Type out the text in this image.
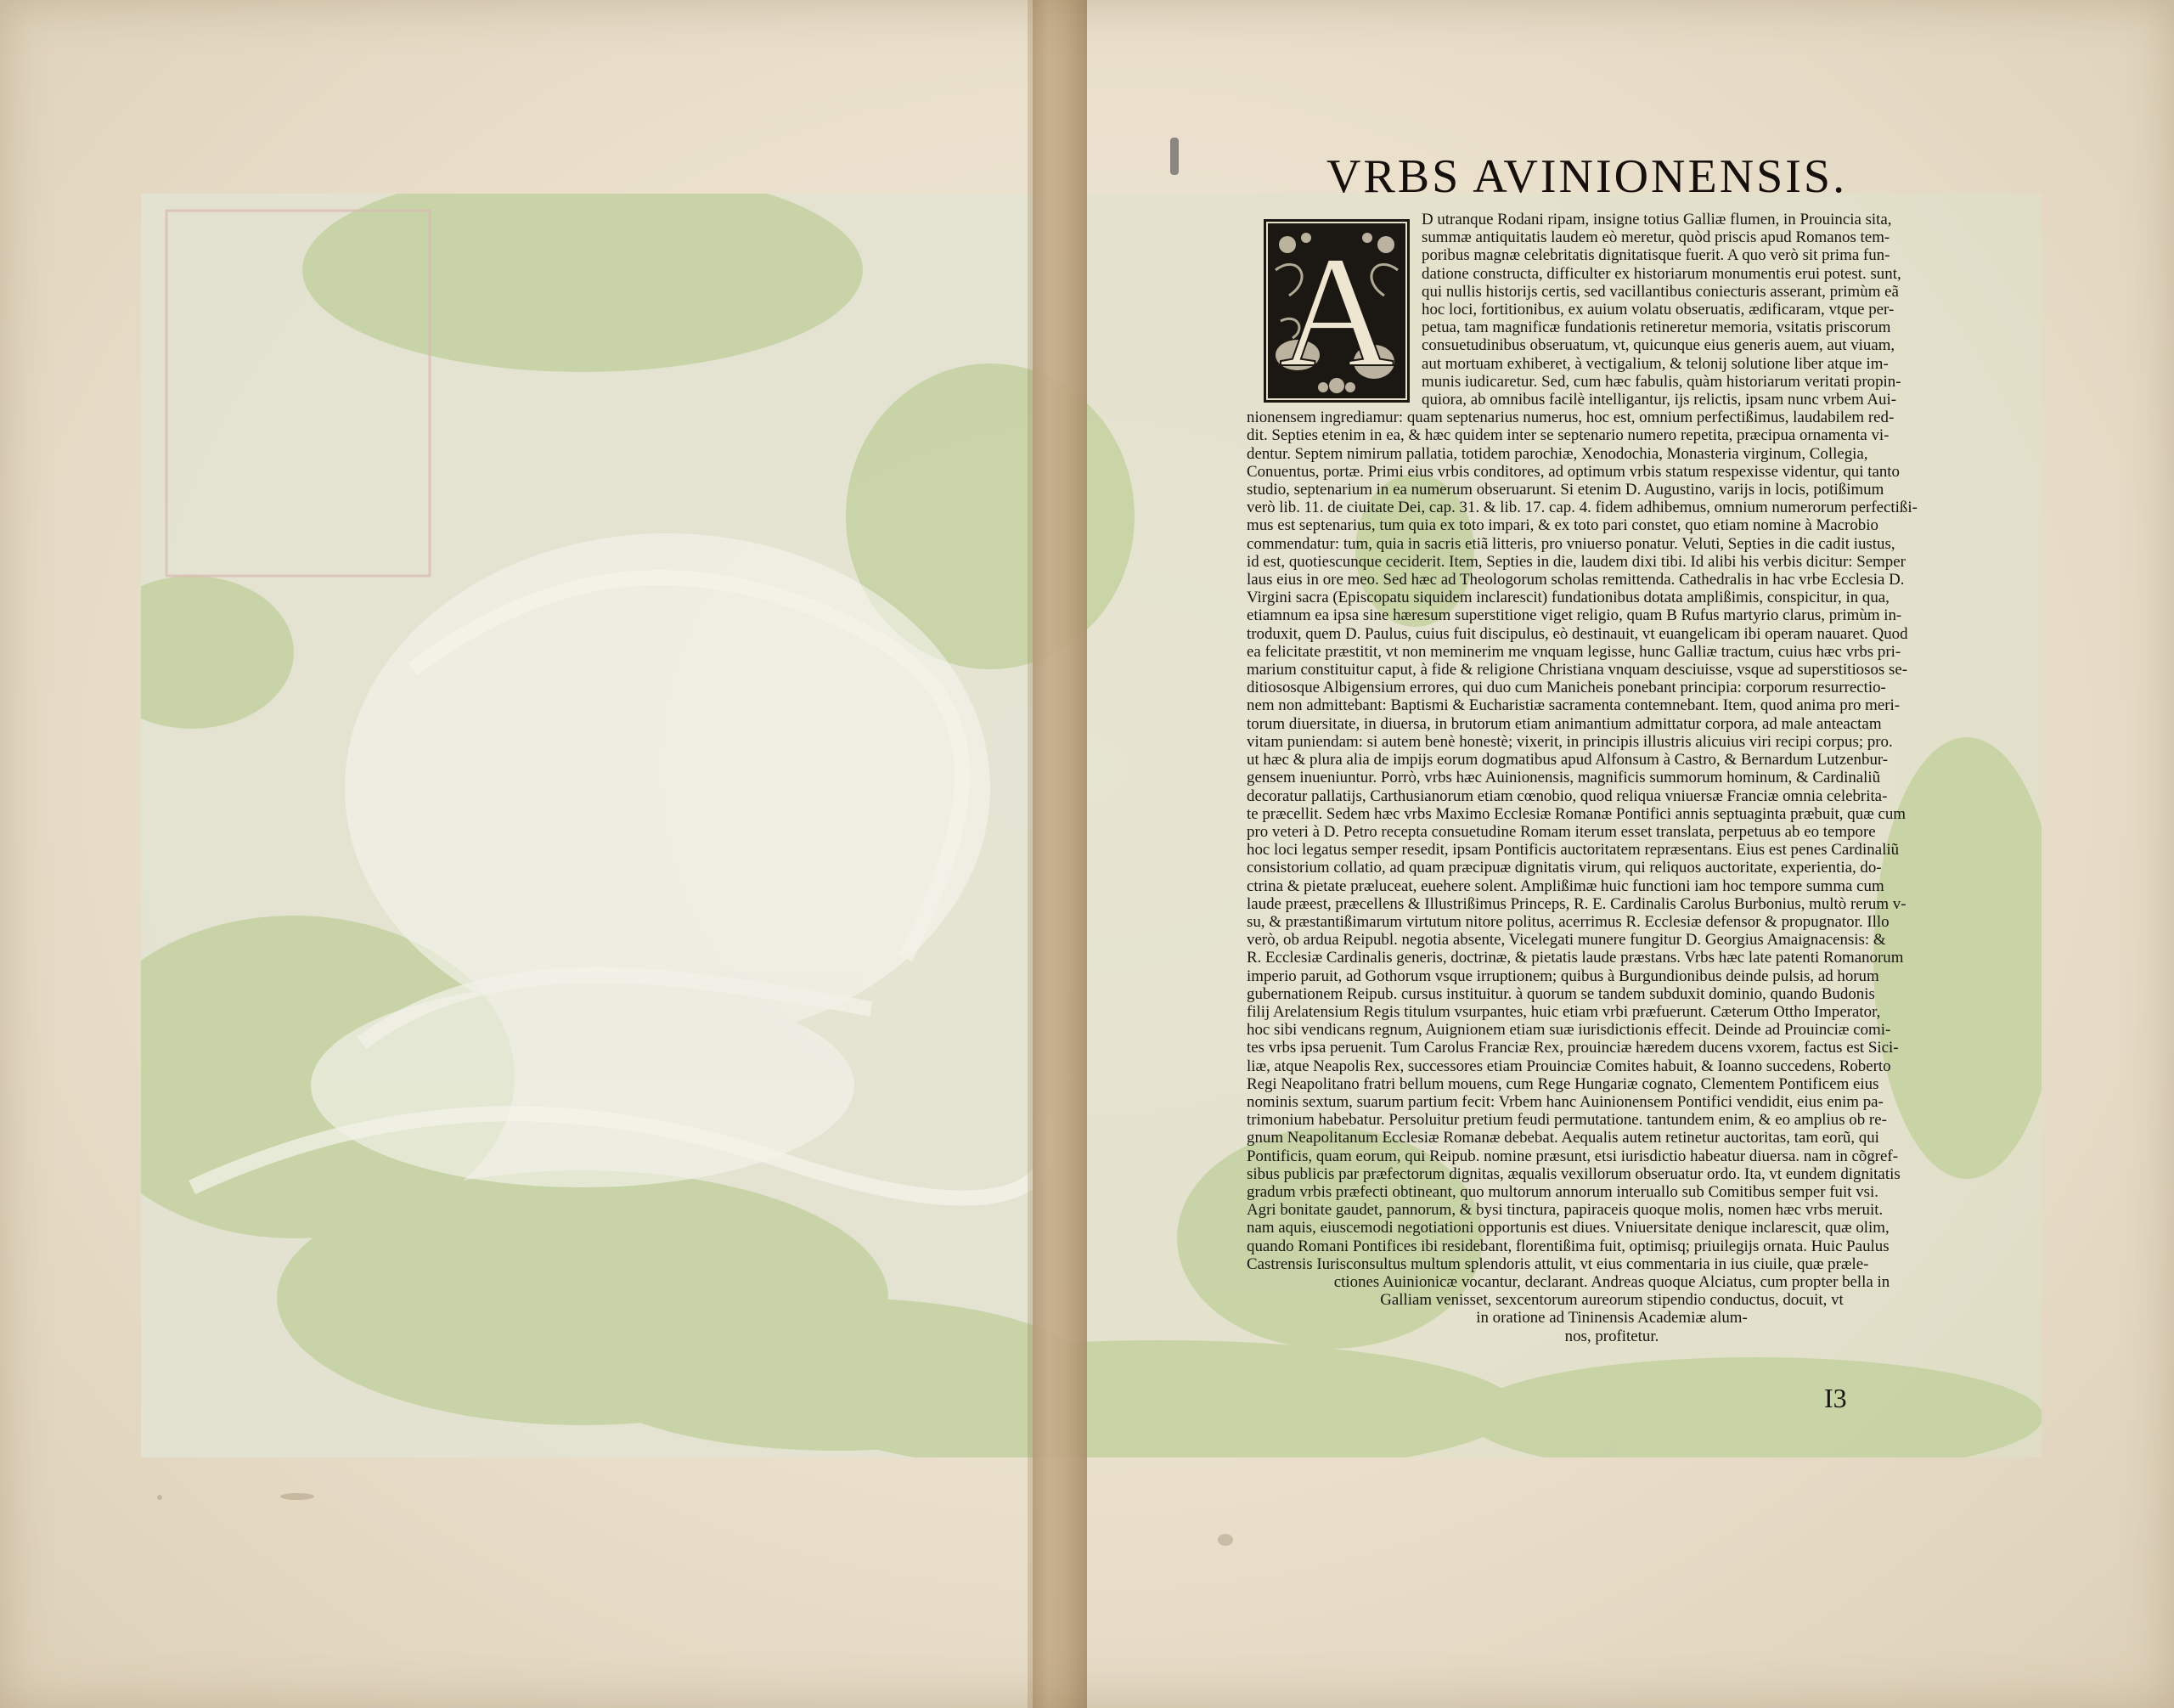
VRBS AVINIONENSIS.
A
D utranque Rodani ripam, insigne totius Galliæ flumen, in Prouincia sita,
summæ antiquitatis laudem eò meretur, quòd priscis apud Romanos tem-
poribus magnæ celebritatis dignitatisque fuerit. A quo verò sit prima fun-
datione constructa, difficulter ex historiarum monumentis erui potest. sunt,
qui nullis historijs certis, sed vacillantibus coniecturis asserant, primùm eã
hoc loci, fortitionibus, ex auium volatu obseruatis, ædificaram, vtque per-
petua, tam magnificæ fundationis retineretur memoria, vsitatis priscorum
consuetudinibus obseruatum, vt, quicunque eius generis auem, aut viuam,
aut mortuam exhiberet, à vectigalium, & telonij solutione liber atque im-
munis iudicaretur. Sed, cum hæc fabulis, quàm historiarum veritati propin-
quiora, ab omnibus facilè intelligantur, ijs relictis, ipsam nunc vrbem Aui-
nionensem ingrediamur: quam septenarius numerus, hoc est, omnium perfectißimus, laudabilem red-
dit. Septies etenim in ea, & hæc quidem inter se septenario numero repetita, præcipua ornamenta vi-
dentur. Septem nimirum pallatia, totidem parochiæ, Xenodochia, Monasteria virginum, Collegia,
Conuentus, portæ. Primi eius vrbis conditores, ad optimum vrbis statum respexisse videntur, qui tanto
studio, septenarium in ea numerum obseruarunt. Si etenim D. Augustino, varijs in locis, potißimum
verò lib. 11. de ciuitate Dei, cap. 31. & lib. 17. cap. 4. fidem adhibemus, omnium numerorum perfectißi-
mus est septenarius, tum quia ex toto impari, & ex toto pari constet, quo etiam nomine à Macrobio
commendatur: tum, quia in sacris etiã litteris, pro vniuerso ponatur. Veluti, Septies in die cadit iustus,
id est, quotiescunque ceciderit. Item, Septies in die, laudem dixi tibi. Id alibi his verbis dicitur: Semper
laus eius in ore meo. Sed hæc ad Theologorum scholas remittenda. Cathedralis in hac vrbe Ecclesia D.
Virgini sacra (Episcopatu siquidem inclarescit) fundationibus dotata amplißimis, conspicitur, in qua,
etiamnum ea ipsa sine hæresum superstitione viget religio, quam B Rufus martyrio clarus, primùm in-
troduxit, quem D. Paulus, cuius fuit discipulus, eò destinauit, vt euangelicam ibi operam nauaret. Quod
ea felicitate præstitit, vt non meminerim me vnquam legisse, hunc Galliæ tractum, cuius hæc vrbs pri-
marium constituitur caput, à fide & religione Christiana vnquam desciuisse, vsque ad superstitiosos se-
ditiososque Albigensium errores, qui duo cum Manicheis ponebant principia: corporum resurrectio-
nem non admittebant: Baptismi & Eucharistiæ sacramenta contemnebant. Item, quod anima pro meri-
torum diuersitate, in diuersa, in brutorum etiam animantium admittatur corpora, ad male anteactam
vitam puniendam: si autem benè honestè; vixerit, in principis illustris alicuius viri recipi corpus; pro.
ut hæc & plura alia de impijs eorum dogmatibus apud Alfonsum à Castro, & Bernardum Lutzenbur-
gensem inueniuntur. Porrò, vrbs hæc Auinionensis, magnificis summorum hominum, & Cardinaliũ
decoratur pallatijs, Carthusianorum etiam cœnobio, quod reliqua vniuersæ Franciæ omnia celebrita-
te præcellit. Sedem hæc vrbs Maximo Ecclesiæ Romanæ Pontifici annis septuaginta præbuit, quæ cum
pro veteri à D. Petro recepta consuetudine Romam iterum esset translata, perpetuus ab eo tempore
hoc loci legatus semper resedit, ipsam Pontificis auctoritatem repræsentans. Eius est penes Cardinaliũ
consistorium collatio, ad quam præcipuæ dignitatis virum, qui reliquos auctoritate, experientia, do-
ctrina & pietate præluceat, euehere solent. Amplißimæ huic functioni iam hoc tempore summa cum
laude præest, præcellens & Illustrißimus Princeps, R. E. Cardinalis Carolus Burbonius, multò rerum v-
su, & præstantißimarum virtutum nitore politus, acerrimus R. Ecclesiæ defensor & propugnator. Illo
verò, ob ardua Reipubl. negotia absente, Vicelegati munere fungitur D. Georgius Amaignacensis: &
R. Ecclesiæ Cardinalis generis, doctrinæ, & pietatis laude præstans. Vrbs hæc late patenti Romanorum
imperio paruit, ad Gothorum vsque irruptionem; quibus à Burgundionibus deinde pulsis, ad horum
gubernationem Reipub. cursus instituitur. à quorum se tandem subduxit dominio, quando Budonis
filij Arelatensium Regis titulum vsurpantes, huic etiam vrbi præfuerunt. Cæterum Ottho Imperator,
hoc sibi vendicans regnum, Auignionem etiam suæ iurisdictionis effecit. Deinde ad Prouinciæ comi-
tes vrbs ipsa peruenit. Tum Carolus Franciæ Rex, prouinciæ hæredem ducens vxorem, factus est Sici-
liæ, atque Neapolis Rex, successores etiam Prouinciæ Comites habuit, & Ioanno succedens, Roberto
Regi Neapolitano fratri bellum mouens, cum Rege Hungariæ cognato, Clementem Pontificem eius
nominis sextum, suarum partium fecit: Vrbem hanc Auinionensem Pontifici vendidit, eius enim pa-
trimonium habebatur. Persoluitur pretium feudi permutatione. tantundem enim, & eo amplius ob re-
gnum Neapolitanum Ecclesiæ Romanæ debebat. Aequalis autem retinetur auctoritas, tam eorũ, qui
Pontificis, quam eorum, qui Reipub. nomine præsunt, etsi iurisdictio habeatur diuersa. nam in cõgref-
sibus publicis par præfectorum dignitas, æqualis vexillorum obseruatur ordo. Ita, vt eundem dignitatis
gradum vrbis præfecti obtineant, quo multorum annorum interuallo sub Comitibus semper fuit vsi.
Agri bonitate gaudet, pannorum, & bysi tinctura, papiraceis quoque molis, nomen hæc vrbs meruit.
nam aquis, eiuscemodi negotiationi opportunis est diues. Vniuersitate denique inclarescit, quæ olim,
quando Romani Pontifices ibi residebant, florentißima fuit, optimisq; priuilegijs ornata. Huic Paulus
Castrensis Iurisconsultus multum splendoris attulit, vt eius commentaria in ius ciuile, quæ præle-
ctiones Auinionicæ vocantur, declarant. Andreas quoque Alciatus, cum propter bella in
Galliam venisset, sexcentorum aureorum stipendio conductus, docuit, vt
in oratione ad Tininensis Academiæ alum-
nos, profitetur.
I3
